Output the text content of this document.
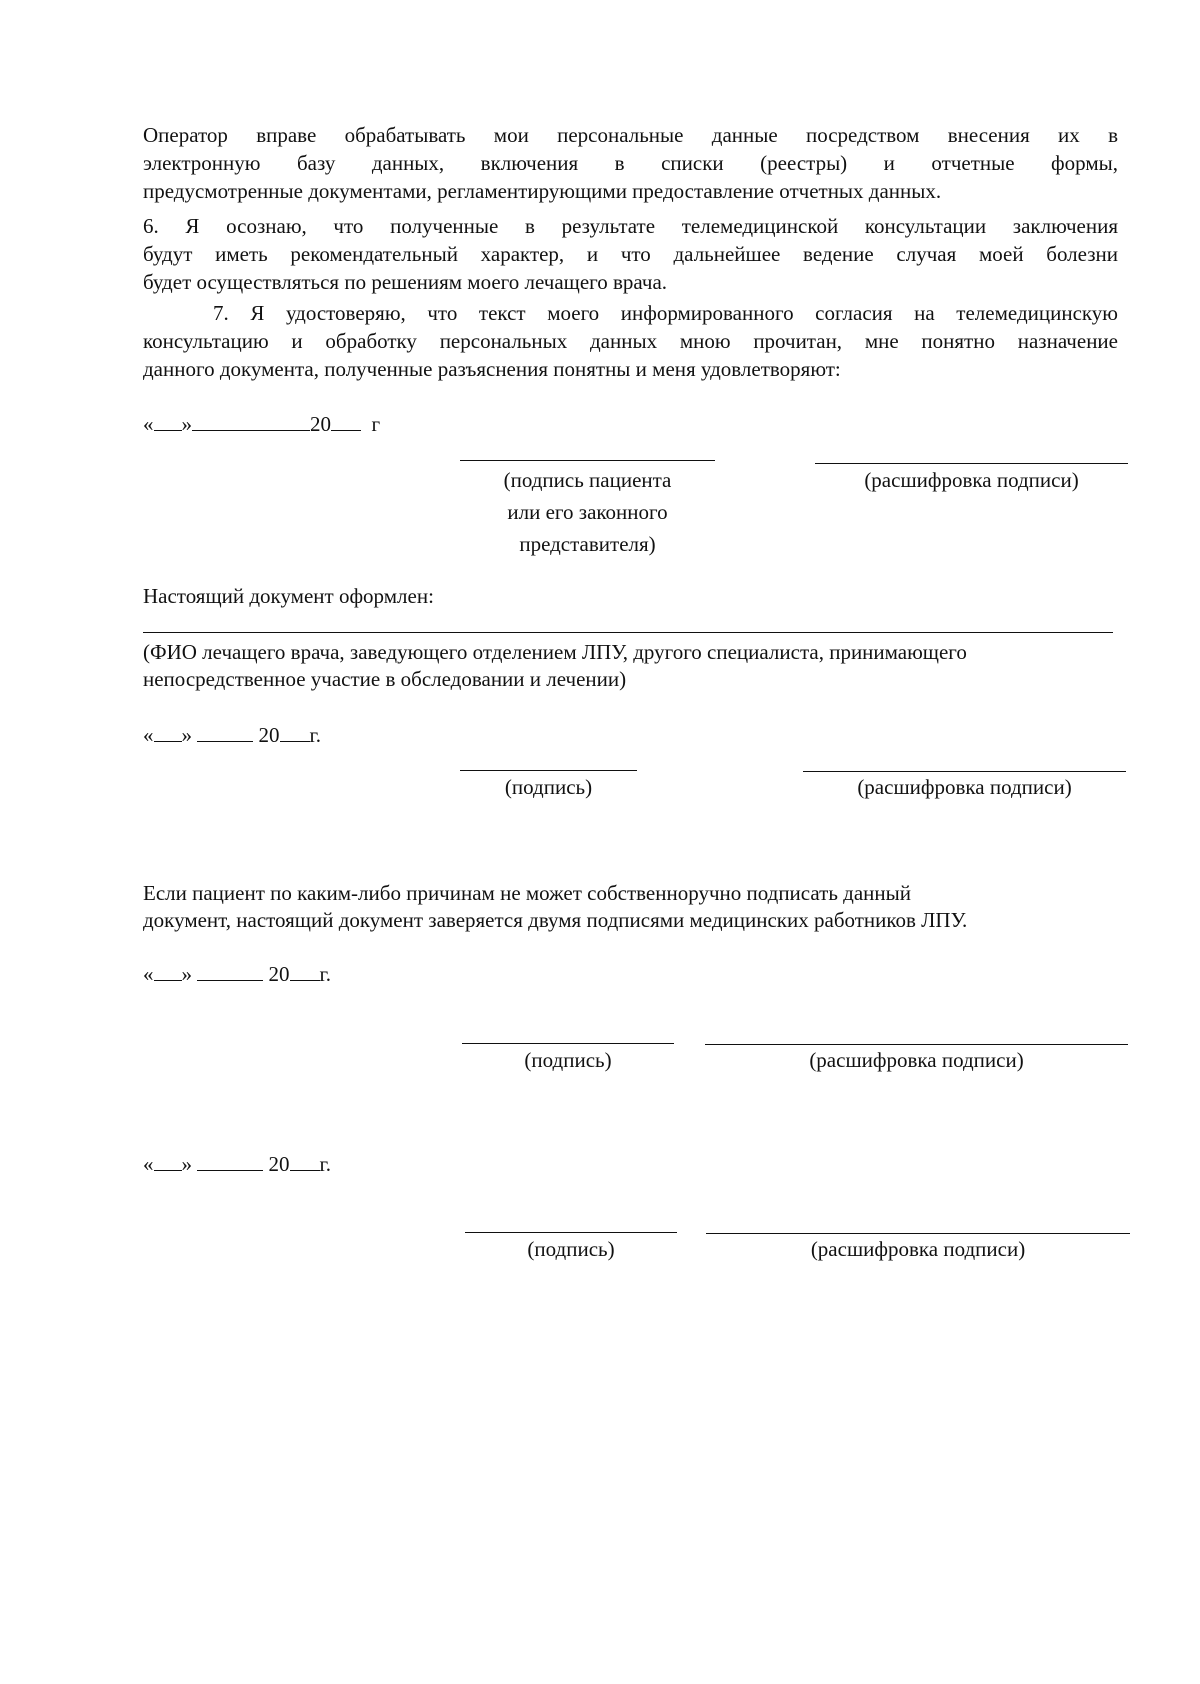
Оператор вправе обрабатывать мои персональные данные посредством внесения их в
электронную базу данных, включения в списки (реестры) и отчетные формы,
предусмотренные документами, регламентирующими предоставление отчетных данных.
6. Я осознаю, что полученные в результате телемедицинской консультации заключения
будут иметь рекомендательный характер, и что дальнейшее ведение случая моей болезни
будет осуществляться по решениям моего лечащего врача.
7. Я удостоверяю, что текст моего информированного согласия на телемедицинскую
консультацию и обработку персональных данных мною прочитан, мне понятно назначение
данного документа, полученные разъяснения понятны и меня удовлетворяют:
« »	20 г
(подпись пациента
или его законного
представителя)
(расшифровка подписи)
Настоящий документ оформлен:
(ФИО лечащего врача, заведующего отделением ЛПУ, другого специалиста, принимающего
непосредственное участие в обследовании и лечении)
« »	20 г.
(подпись)	(расшифровка подписи)
Если пациент по каким-либо причинам не может собственноручно подписать данный
документ, настоящий документ заверяется двумя подписями медицинских работников ЛПУ.
« »	20 г.
(подпись)	(расшифровка подписи)
« »	20 г.
(подпись)	(расшифровка подписи)
